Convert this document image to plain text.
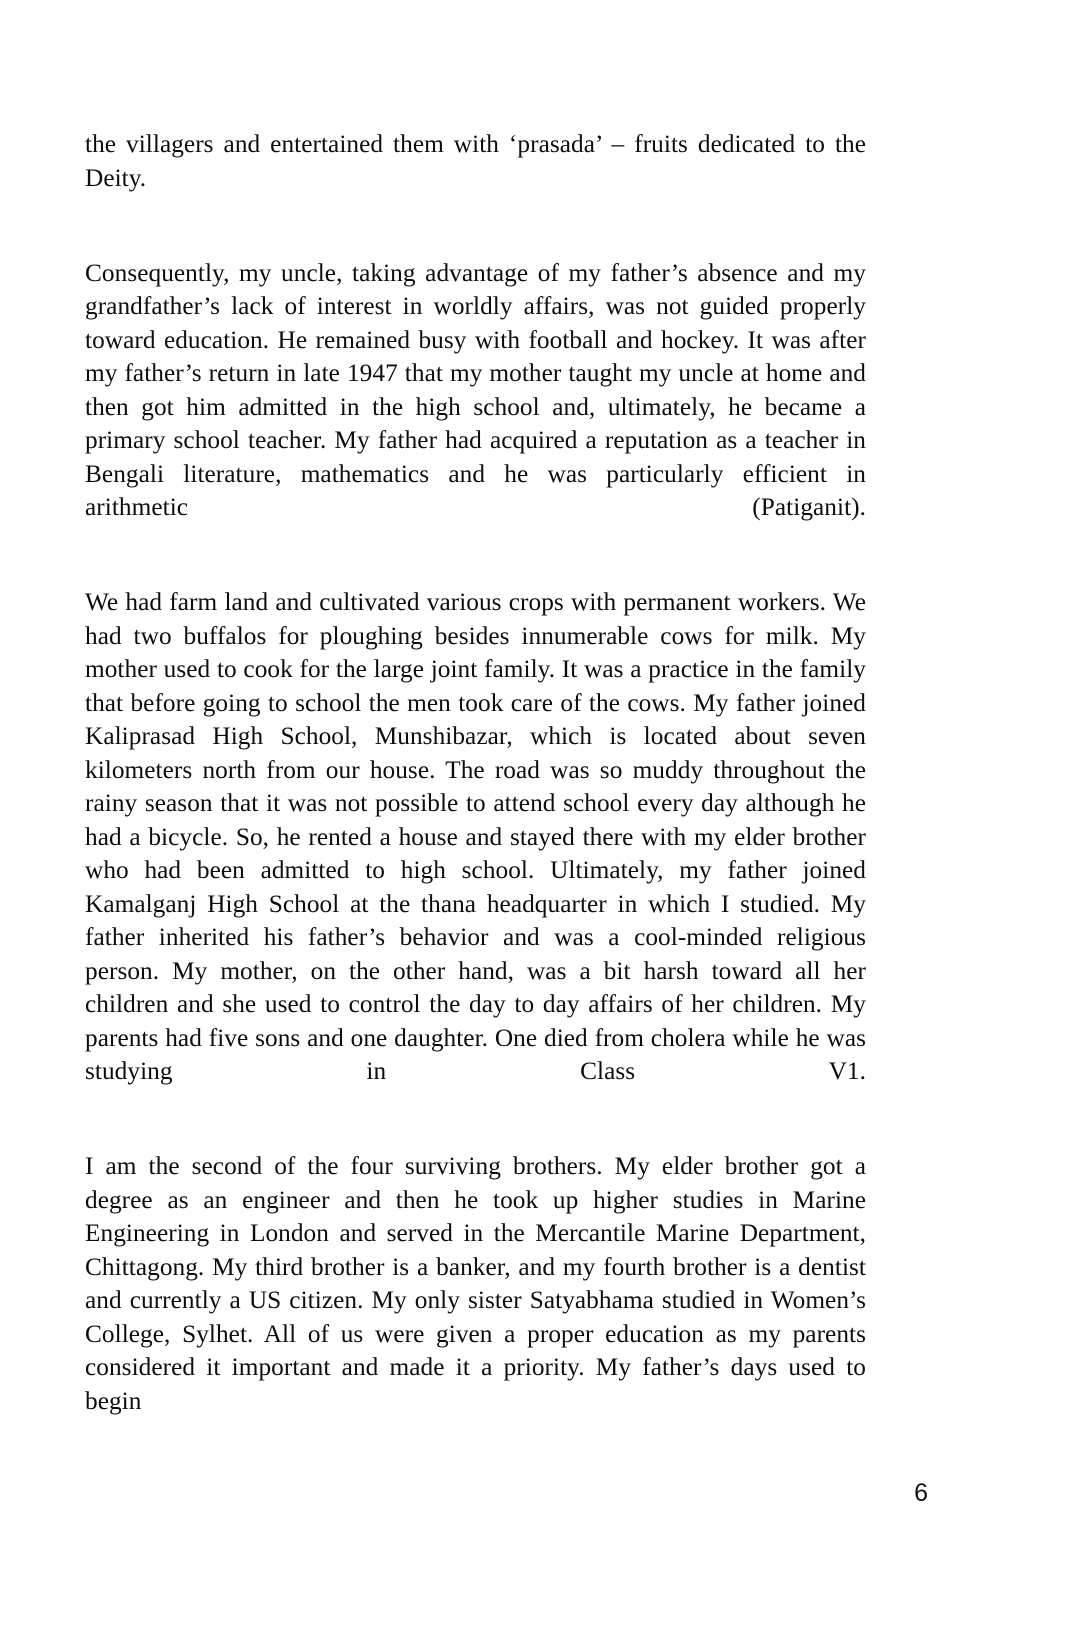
the villagers and entertained them with ‘prasada’ – fruits dedicated to the Deity.

Consequently, my uncle, taking advantage of my father’s absence and my grandfather’s lack of interest in worldly affairs, was not guided properly toward education. He remained busy with football and hockey. It was after my father’s return in late 1947 that my mother taught my uncle at home and then got him admitted in the high school and, ultimately, he became a primary school teacher. My father had acquired a reputation as a teacher in Bengali literature, mathematics and he was particularly efficient in arithmetic (Patiganit).

We had farm land and cultivated various crops with permanent workers. We had two buffalos for ploughing besides innumerable cows for milk. My mother used to cook for the large joint family. It was a practice in the family that before going to school the men took care of the cows. My father joined Kaliprasad High School, Munshibazar, which is located about seven kilometers north from our house. The road was so muddy throughout the rainy season that it was not possible to attend school every day although he had a bicycle. So, he rented a house and stayed there with my elder brother who had been admitted to high school. Ultimately, my father joined Kamalganj High School at the thana headquarter in which I studied. My father inherited his father’s behavior and was a cool-minded religious person. My mother, on the other hand, was a bit harsh toward all her children and she used to control the day to day affairs of her children. My parents had five sons and one daughter. One died from cholera while he was studying in Class V1.

I am the second of the four surviving brothers. My elder brother got a degree as an engineer and then he took up higher studies in Marine Engineering in London and served in the Mercantile Marine Department, Chittagong. My third brother is a banker, and my fourth brother is a dentist and currently a US citizen. My only sister Satyabhama studied in Women’s College, Sylhet. All of us were given a proper education as my parents considered it important and made it a priority. My father’s days used to begin

6
